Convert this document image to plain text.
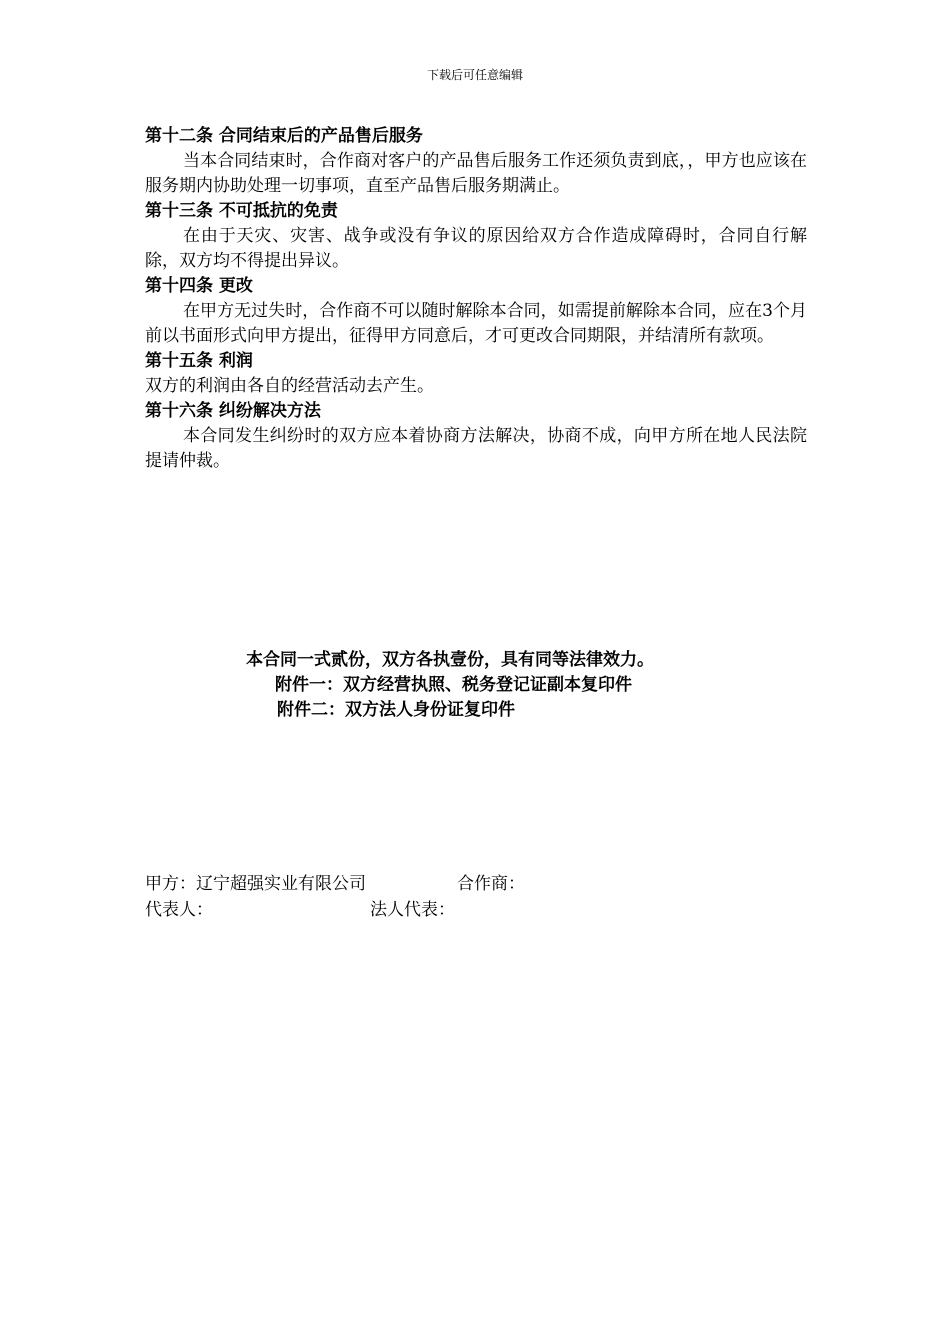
下载后可任意编辑

第十二条 合同结束后的产品售后服务

当本合同结束时，合作商对客户的产品售后服务工作还须负责到底，，甲方也应该在服务期内协助处理一切事项，直至产品售后服务期满止。

第十三条 不可抵抗的免责

在由于天灾、灾害、战争或没有争议的原因给双方合作造成障碍时，合同自行解除，双方均不得提出异议。

第十四条 更改

在甲方无过失时，合作商不可以随时解除本合同，如需提前解除本合同，应在3个月前以书面形式向甲方提出，征得甲方同意后，才可更改合同期限，并结清所有款项。

第十五条 利润

双方的利润由各自的经营活动去产生。

第十六条 纠纷解决方法

本合同发生纠纷时的双方应本着协商方法解决，协商不成，向甲方所在地人民法院提请仲裁。

本合同一式贰份，双方各执壹份，具有同等法律效力。
附件一：双方经营执照、税务登记证副本复印件
附件二：双方法人身份证复印件
甲方：辽宁超强实业有限公司	合作商：
代表人：	法人代表：
